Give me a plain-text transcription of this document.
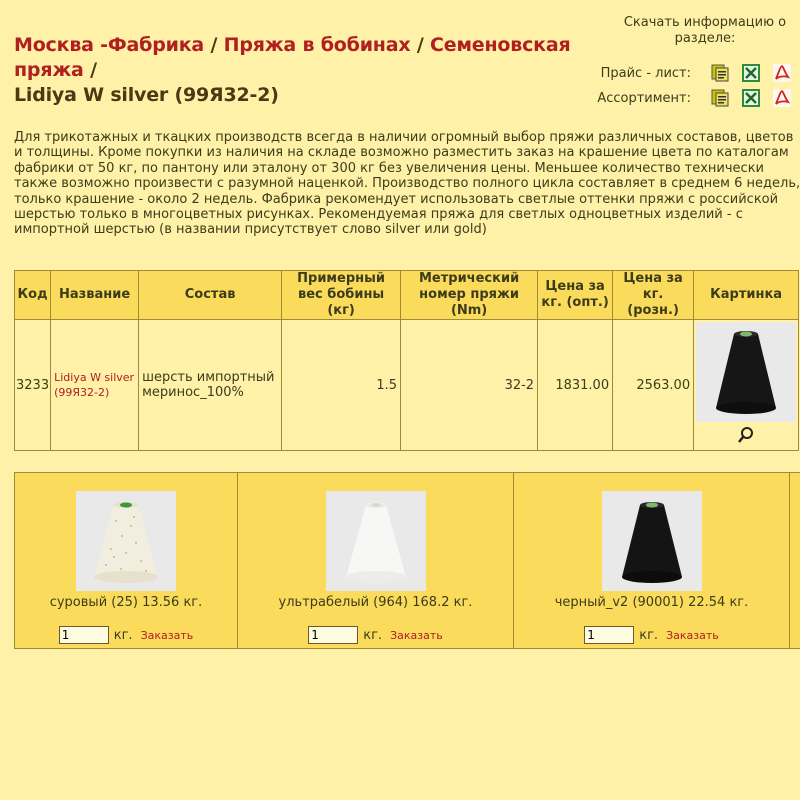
Москва -Фабрика / Пряжа в бобинах / Семеновская пряжа /
Lidiya W silver (99Я32-2)
Скачать информацию о разделе:
Прайс - лист:
Ассортимент:
Для трикотажных и ткацких производств всегда в наличии огромный выбор пряжи различных составов, цветов и толщины. Кроме покупки из наличия на складе возможно разместить заказ на крашение цвета по каталогам фабрики от 50 кг, по пантону или эталону от 300 кг без увеличения цены. Меньшее количество технически также возможно произвести с разумной наценкой. Производство полного цикла составляет в среднем 6 недель, только крашение - около 2 недель. Фабрика рекомендует использовать светлые оттенки пряжи с российской шерстью только в многоцветных рисунках. Рекомендуемая пряжа для светлых одноцветных изделий - с импортной шерстью (в названии присутствует слово silver или gold)
Код	Название	Состав	Примерный вес бобины (кг)	Метрический номер пряжи (Nm)	Цена за кг. (опт.)	Цена за кг. (розн.)	Картинка
3233	Lidiya W silver (99Я32-2)	шерсть импортный меринос_100%	1.5	32-2	1831.00	2563.00	
суровый (25) 13.56 кг.
1
кг. Заказать
ультрабелый (964) 168.2 кг.
1
кг. Заказать
черный_v2 (90001) 22.54 кг.
1
кг. Заказать
